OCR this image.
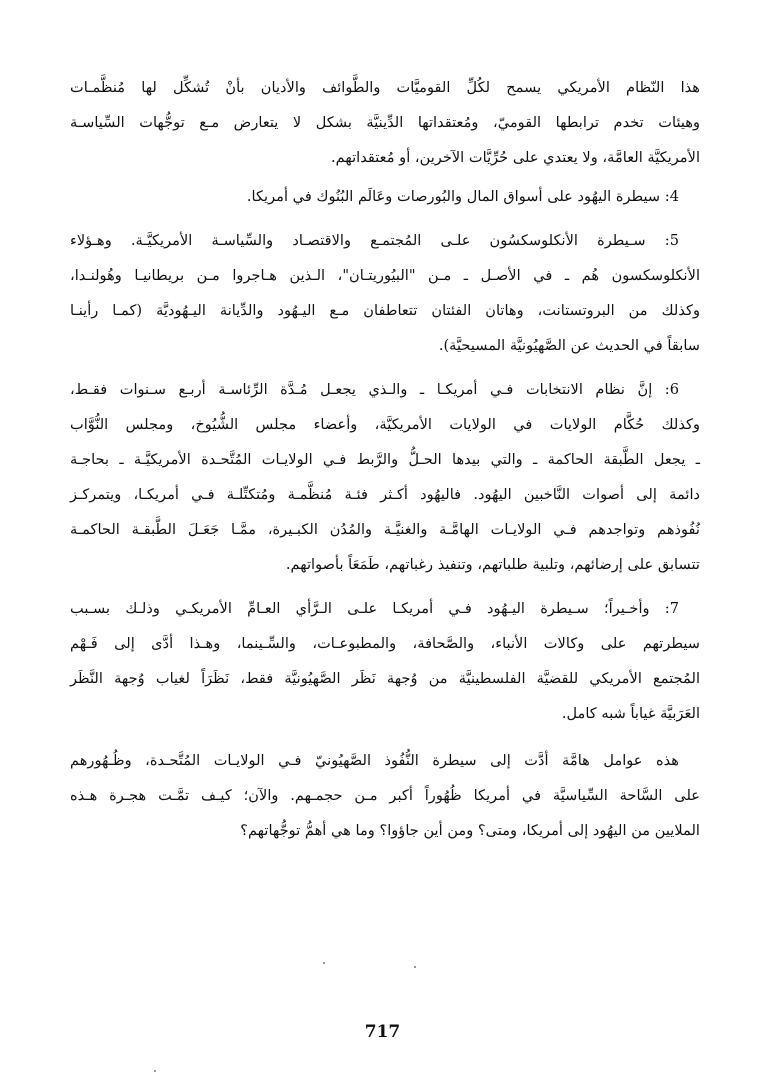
هذا النّظام الأمريكي يسمح لكُلِّ القوميَّات والطَّوائف والأديان بأنْ تُشكِّل لها مُنظَّمـات
وهيئات تخدم ترابطها القوميّ، ومُعتقداتها الدِّينيَّة بشكل لا يتعارض مـع توجُّهات السِّياسـة
الأمريكيَّة العامَّة، ولا يعتدي على حُرِّيَّات الآخرين، أو مُعتقداتهم.

4: سيطرة اليهُود على أسواق المال والبُورصات وعَالَم البُنُوك في أمريكا.

5: سـيطرة الأنكلوسكسُون علـى المُجتمـع والاقتصـاد والسِّياسـة الأمريكيَّـة. وهـؤلاء
الأنكلوسكسون هُم ـ في الأصـل ـ مـن "البيُوريتـان"، الـذين هـاجروا مـن بريطانيـا وهُولنـدا،
وكذلك من البروتستانت، وهاتان الفئتان تتعاطفان مـع اليـهُود والدِّيانة اليـهُوديَّة (كمـا رأينـا
سابقاً في الحديث عن الصَّهيُونيَّة المسيحيَّة).

6: إنَّ نظام الانتخابات فـي أمريكـا ـ والـذي يجعـل مُـدَّة الرِّئاسـة أربـع سـنوات فقـط،
وكذلك حُكَّام الولايات في الولايات الأمريكيَّة، وأعضاء مجلس الشُّيُوخ، ومجلس النُّوَّاب
ـ يجعل الطَّبقة الحاكمة ـ والتي بيدها الحـلُّ والرَّبط فـي الولايـات المُتَّحـدة الأمريكيَّـة ـ بحاجـة
دائمة إلى أصوات النَّاخبين اليهُود. فاليهُود أكـثر فئـة مُنظَّمـة ومُتكتِّلـة فـي أمريكـا، ويتمركـز
نُفُوذهم وتواجدهم فـي الولايـات الهامَّـة والغنيَّـة والمُدُن الكبـيرة، ممَّـا جَعَـلَ الطَّبقـة الحاكمـة
تتسابق على إرضائهم، وتلبية طلباتهم، وتنفيذ رغباتهم، طَمَعَاً بأصواتهم.

7: وأخـيراً؛ سـيطرة اليـهُود فـي أمريكـا علـى الـرَّأي العـامِّ الأمريكـي وذلـك بسـبب
سيطرتهم على وكالات الأنباء، والصَّحافة، والمطبوعـات، والسِّـينما، وهـذا أدَّى إلى فَـهْم
المُجتمع الأمريكي للقضيَّة الفلسطينيَّة من وُجهة نَظَر الصَّهيُونيَّة فقط، نَظَرَاً لغياب وُجهة النَّظَر
العَرَبيَّة غياباً شبه كامل.

هذه عوامل هامَّة أدَّت إلى سيطرة النُّفُوذ الصَّهيُونيّ فـي الولايـات المُتَّحـدة، وظُـهُورهم
على السَّاحة السِّياسيَّة في أمريكا ظُهُوراً أكبر مـن حجمـهم. والآن؛ كيـف تمَّـت هجـرة هـذه
الملايين من اليهُود إلى أمريكا، ومتى؟ ومن أين جاؤوا؟ وما هي أهمُّ توجُّهاتهم؟

717
